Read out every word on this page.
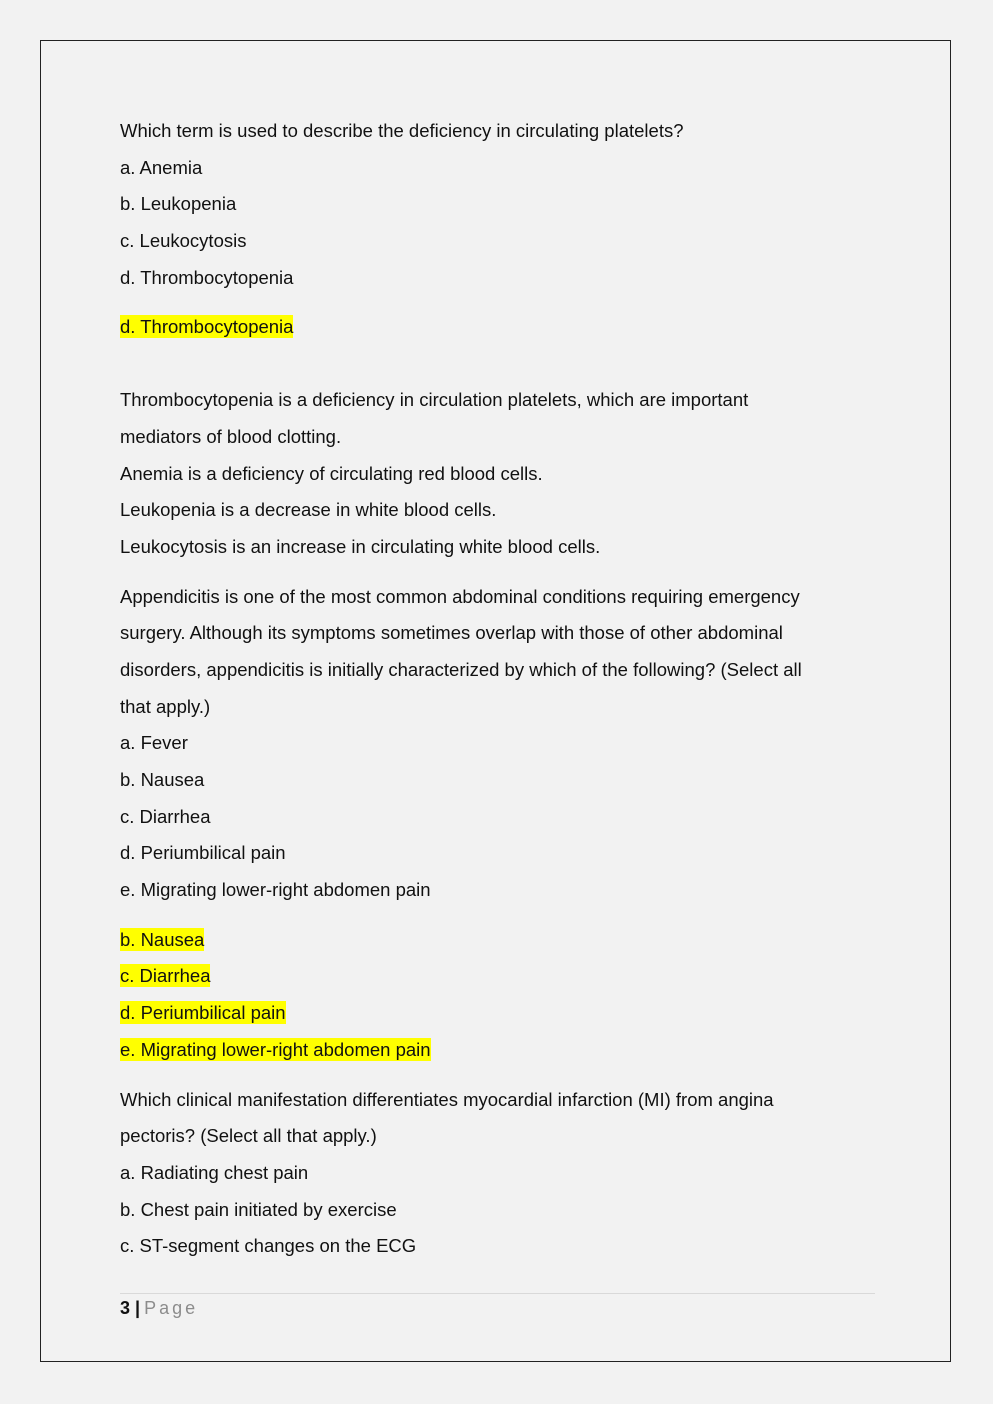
Which term is used to describe the deficiency in circulating platelets?
a. Anemia
b. Leukopenia
c. Leukocytosis
d. Thrombocytopenia
d. Thrombocytopenia
Thrombocytopenia is a deficiency in circulation platelets, which are important
mediators of blood clotting.
Anemia is a deficiency of circulating red blood cells.
Leukopenia is a decrease in white blood cells.
Leukocytosis is an increase in circulating white blood cells.
Appendicitis is one of the most common abdominal conditions requiring emergency
surgery. Although its symptoms sometimes overlap with those of other abdominal
disorders, appendicitis is initially characterized by which of the following? (Select all
that apply.)
a. Fever
b. Nausea
c. Diarrhea
d. Periumbilical pain
e. Migrating lower-right abdomen pain
b. Nausea
c. Diarrhea
d. Periumbilical pain
e. Migrating lower-right abdomen pain
Which clinical manifestation differentiates myocardial infarction (MI) from angina
pectoris? (Select all that apply.)
a. Radiating chest pain
b. Chest pain initiated by exercise
c. ST-segment changes on the ECG
3 | Page
